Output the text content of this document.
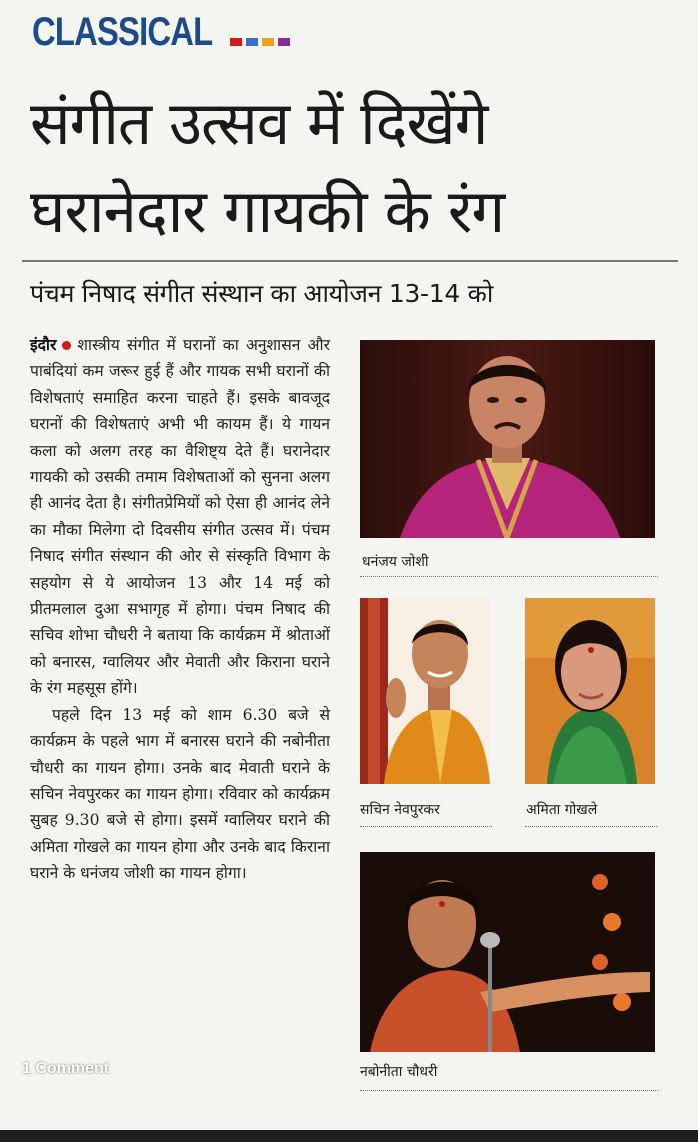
CLASSICAL
संगीत उत्सव में दिखेंगे
घरानेदार गायकी के रंग
पंचम निषाद संगीत संस्थान का आयोजन 13-14 को

इंदौर शास्त्रीय संगीत में घरानों का अनुशासन और पाबंदियां कम जरूर हुई हैं और गायक सभी घरानों की विशेषताएं समाहित करना चाहते हैं। इसके बावजूद घरानों की विशेषताएं अभी भी कायम हैं। ये गायन कला को अलग तरह का वैशिष्ट्य देते हैं। घरानेदार गायकी को उसकी तमाम विशेषताओं को सुनना अलग ही आनंद देता है। संगीतप्रेमियों को ऐसा ही आनंद लेने का मौका मिलेगा दो दिवसीय संगीत उत्सव में। पंचम निषाद संगीत संस्थान की ओर से संस्कृति विभाग के सहयोग से ये आयोजन 13 और 14 मई को प्रीतमलाल दुआ सभागृह में होगा। पंचम निषाद की सचिव शोभा चौधरी ने बताया कि कार्यक्रम में श्रोताओं को बनारस, ग्वालियर और मेवाती और किराना घराने के रंग महसूस होंगे।

पहले दिन 13 मई को शाम 6.30 बजे से कार्यक्रम के पहले भाग में बनारस घराने की नबोनीता चौधरी का गायन होगा। उनके बाद मेवाती घराने के सचिन नेवपुरकर का गायन होगा। रविवार को कार्यक्रम सुबह 9.30 बजे से होगा। इसमें ग्वालियर घराने की अमिता गोखले का गायन होगा और उनके बाद किराना घराने के धनंजय जोशी का गायन होगा।

धनंजय जोशी
सचिन नेवपुरकर	अमिता गोखले
नबोनीता चौधरी
1 Comment
